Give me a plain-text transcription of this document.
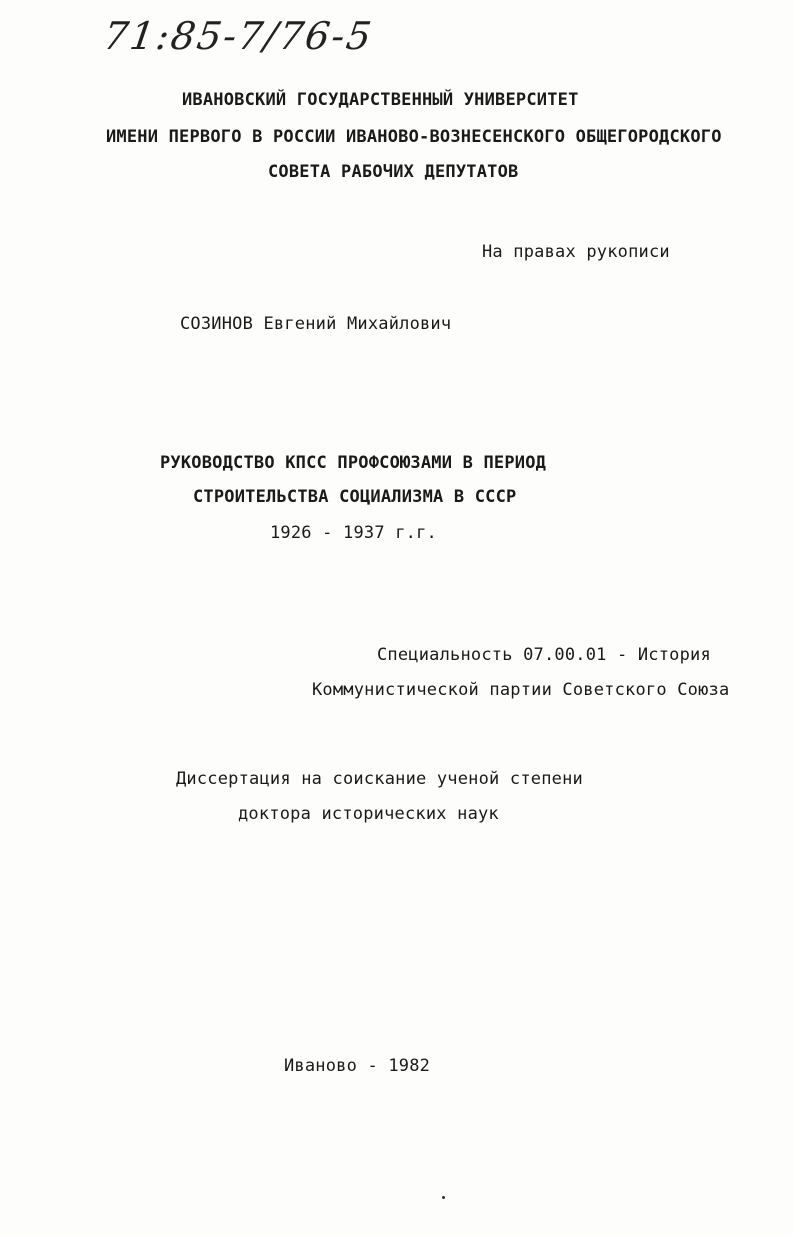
71:85-7/76-5
ИВАНОВСКИЙ ГОСУДАРСТВЕННЫЙ УНИВЕРСИТЕТ
ИМЕНИ ПЕРВОГО В РОССИИ ИВАНОВО-ВОЗНЕСЕНСКОГО ОБЩЕГОРОДСКОГО
СОВЕТА РАБОЧИХ ДЕПУТАТОВ
На правах рукописи
СОЗИНОВ Евгений Михайлович
РУКОВОДСТВО КПСС ПРОФСОЮЗАМИ В ПЕРИОД
СТРОИТЕЛЬСТВА СОЦИАЛИЗМА В СССР
1926 - 1937 г.г.
Специальность 07.00.01 - История
Коммунистической партии Советского Союза
Диссертация на соискание ученой степени
доктора исторических наук
Иваново - 1982
